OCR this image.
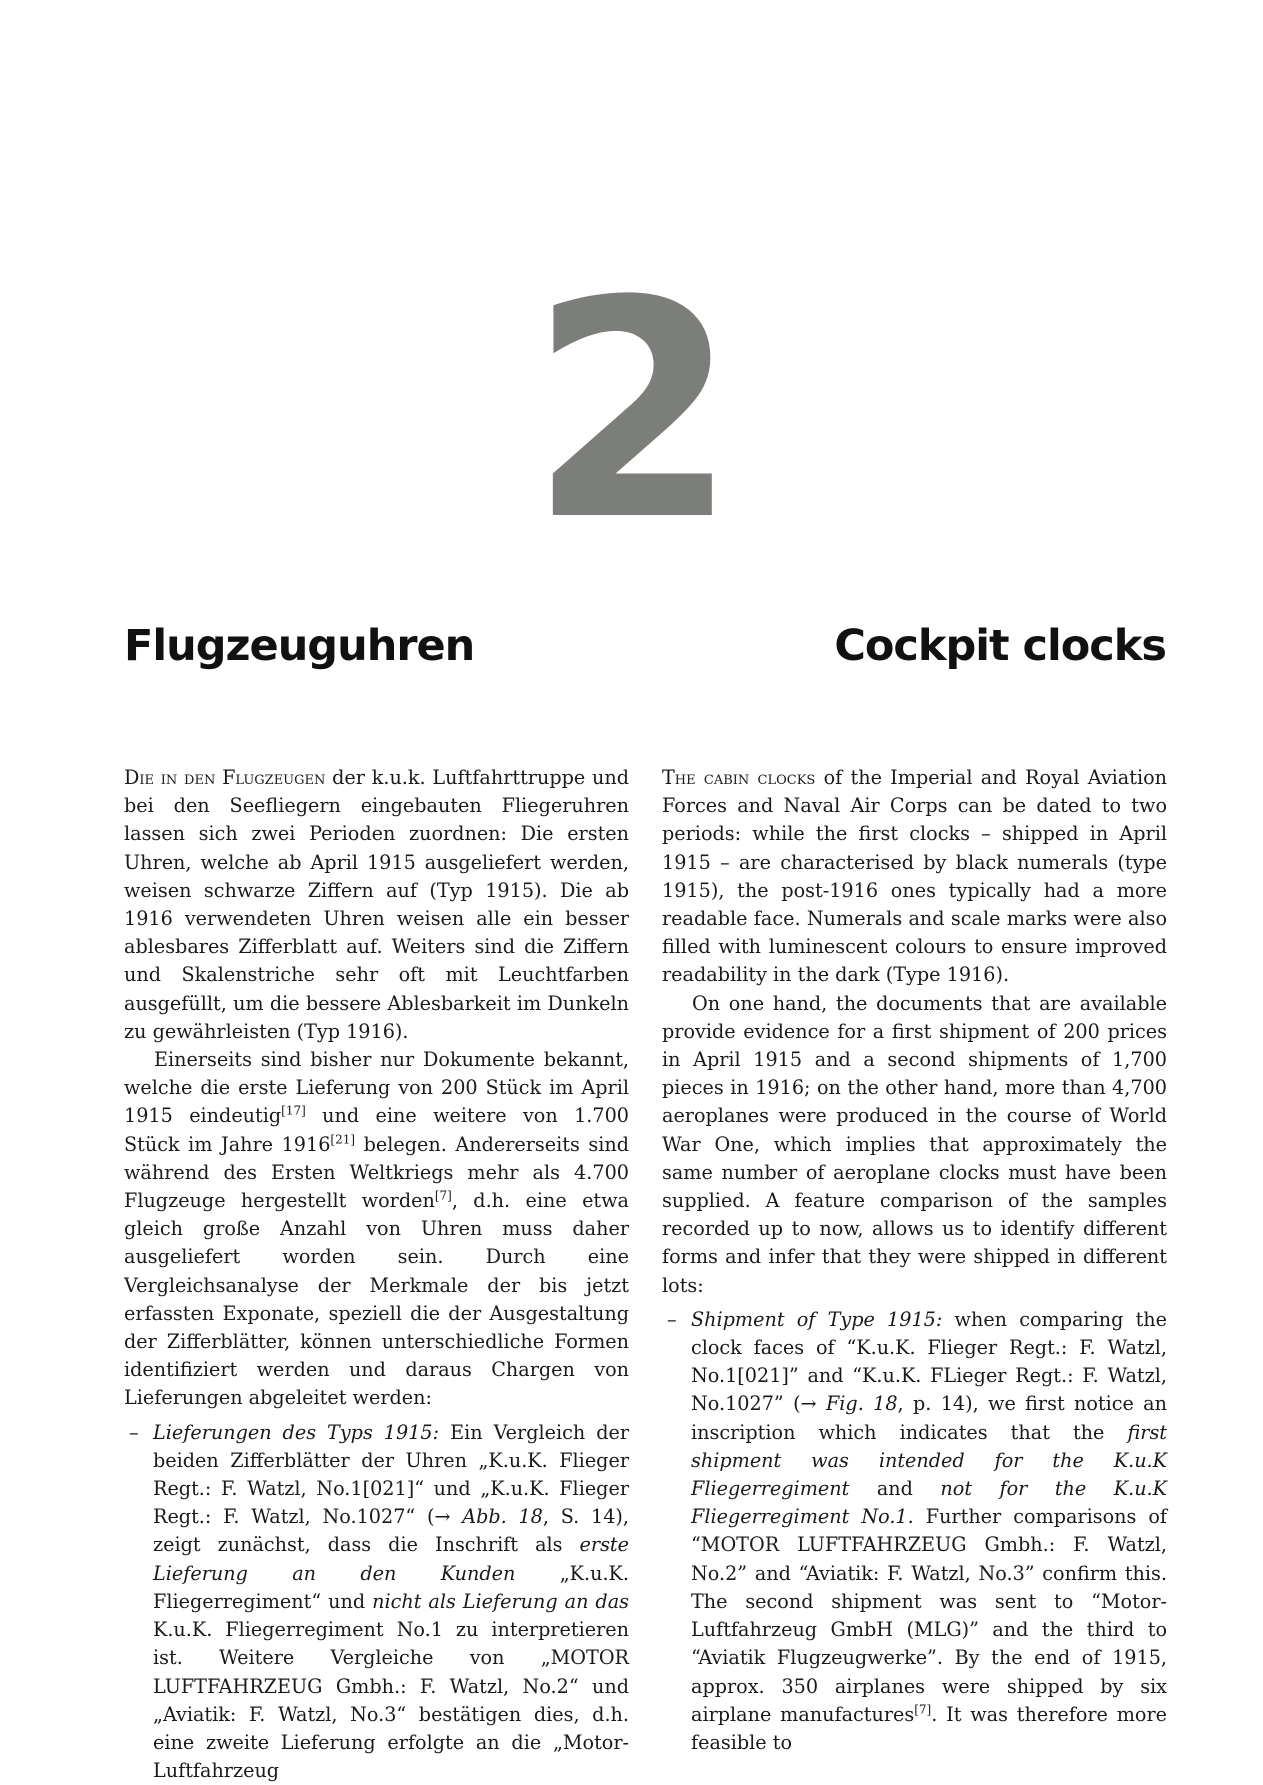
2
Flugzeuguhren	Cockpit clocks

Die in den Flugzeugen der k.u.k. Luftfahrttruppe und bei den Seefliegern eingebauten Fliegeruhren lassen sich zwei Perioden zuordnen: Die ersten Uhren, welche ab April 1915 ausgeliefert werden, weisen schwarze Ziffern auf (Typ 1915). Die ab 1916 verwendeten Uhren weisen alle ein besser ablesbares Zifferblatt auf. Weiters sind die Ziffern und Skalenstriche sehr oft mit Leuchtfarben ausgefüllt, um die bessere Ablesbarkeit im Dunkeln zu gewährleisten (Typ 1916).

Einerseits sind bisher nur Dokumente bekannt, welche die erste Lieferung von 200 Stück im April 1915 eindeutig[17] und eine weitere von 1.700 Stück im Jahre 1916[21] belegen. Andererseits sind während des Ersten Weltkriegs mehr als 4.700 Flugzeuge hergestellt worden[7], d.h. eine etwa gleich große Anzahl von Uhren muss daher ausgeliefert worden sein. Durch eine Vergleichsanalyse der Merkmale der bis jetzt erfassten Exponate, speziell die der Ausgestaltung der Zifferblätter, können unterschiedliche Formen identifiziert werden und daraus Chargen von Lieferungen abgeleitet werden:

– Lieferungen des Typs 1915: Ein Vergleich der beiden Zifferblätter der Uhren „K.u.K. Flieger Regt.: F. Watzl, No.1[021]“ und „K.u.K. Flieger Regt.: F. Watzl, No.1027“ (→ Abb. 18, S. 14), zeigt zunächst, dass die Inschrift als erste Lieferung an den Kunden „K.u.K. Fliegerregiment“ und nicht als Lieferung an das K.u.K. Fliegerregiment No.1 zu interpretieren ist. Weitere Vergleiche von „MOTOR LUFTFAHRZEUG Gmbh.: F. Watzl, No.2“ und „Aviatik: F. Watzl, No.3“ bestätigen dies, d.h. eine zweite Lieferung erfolgte an die „Motor-Luftfahrzeug

The cabin clocks of the Imperial and Royal Aviation Forces and Naval Air Corps can be dated to two periods: while the first clocks – shipped in April 1915 – are characterised by black numerals (type 1915), the post-1916 ones typically had a more readable face. Numerals and scale marks were also filled with luminescent colours to ensure improved readability in the dark (Type 1916).

On one hand, the documents that are available provide evidence for a first shipment of 200 prices in April 1915 and a second shipments of 1,700 pieces in 1916; on the other hand, more than 4,700 aeroplanes were produced in the course of World War One, which implies that approximately the same number of aeroplane clocks must have been supplied. A feature comparison of the samples recorded up to now, allows us to identify different forms and infer that they were shipped in different lots:

– Shipment of Type 1915: when comparing the clock faces of “K.u.K. Flieger Regt.: F. Watzl, No.1[021]” and “K.u.K. FLieger Regt.: F. Watzl, No.1027” (→ Fig. 18, p. 14), we first notice an inscription which indicates that the first shipment was intended for the K.u.K Fliegerregiment and not for the K.u.K Fliegerregiment No.1. Further comparisons of “MOTOR LUFTFAHRZEUG Gmbh.: F. Watzl, No.2” and “Aviatik: F. Watzl, No.3” confirm this. The second shipment was sent to “Motor-Luftfahrzeug GmbH (MLG)” and the third to “Aviatik Flugzeugwerke”. By the end of 1915, approx. 350 airplanes were shipped by six airplane manufactures[7]. It was therefore more feasible to
